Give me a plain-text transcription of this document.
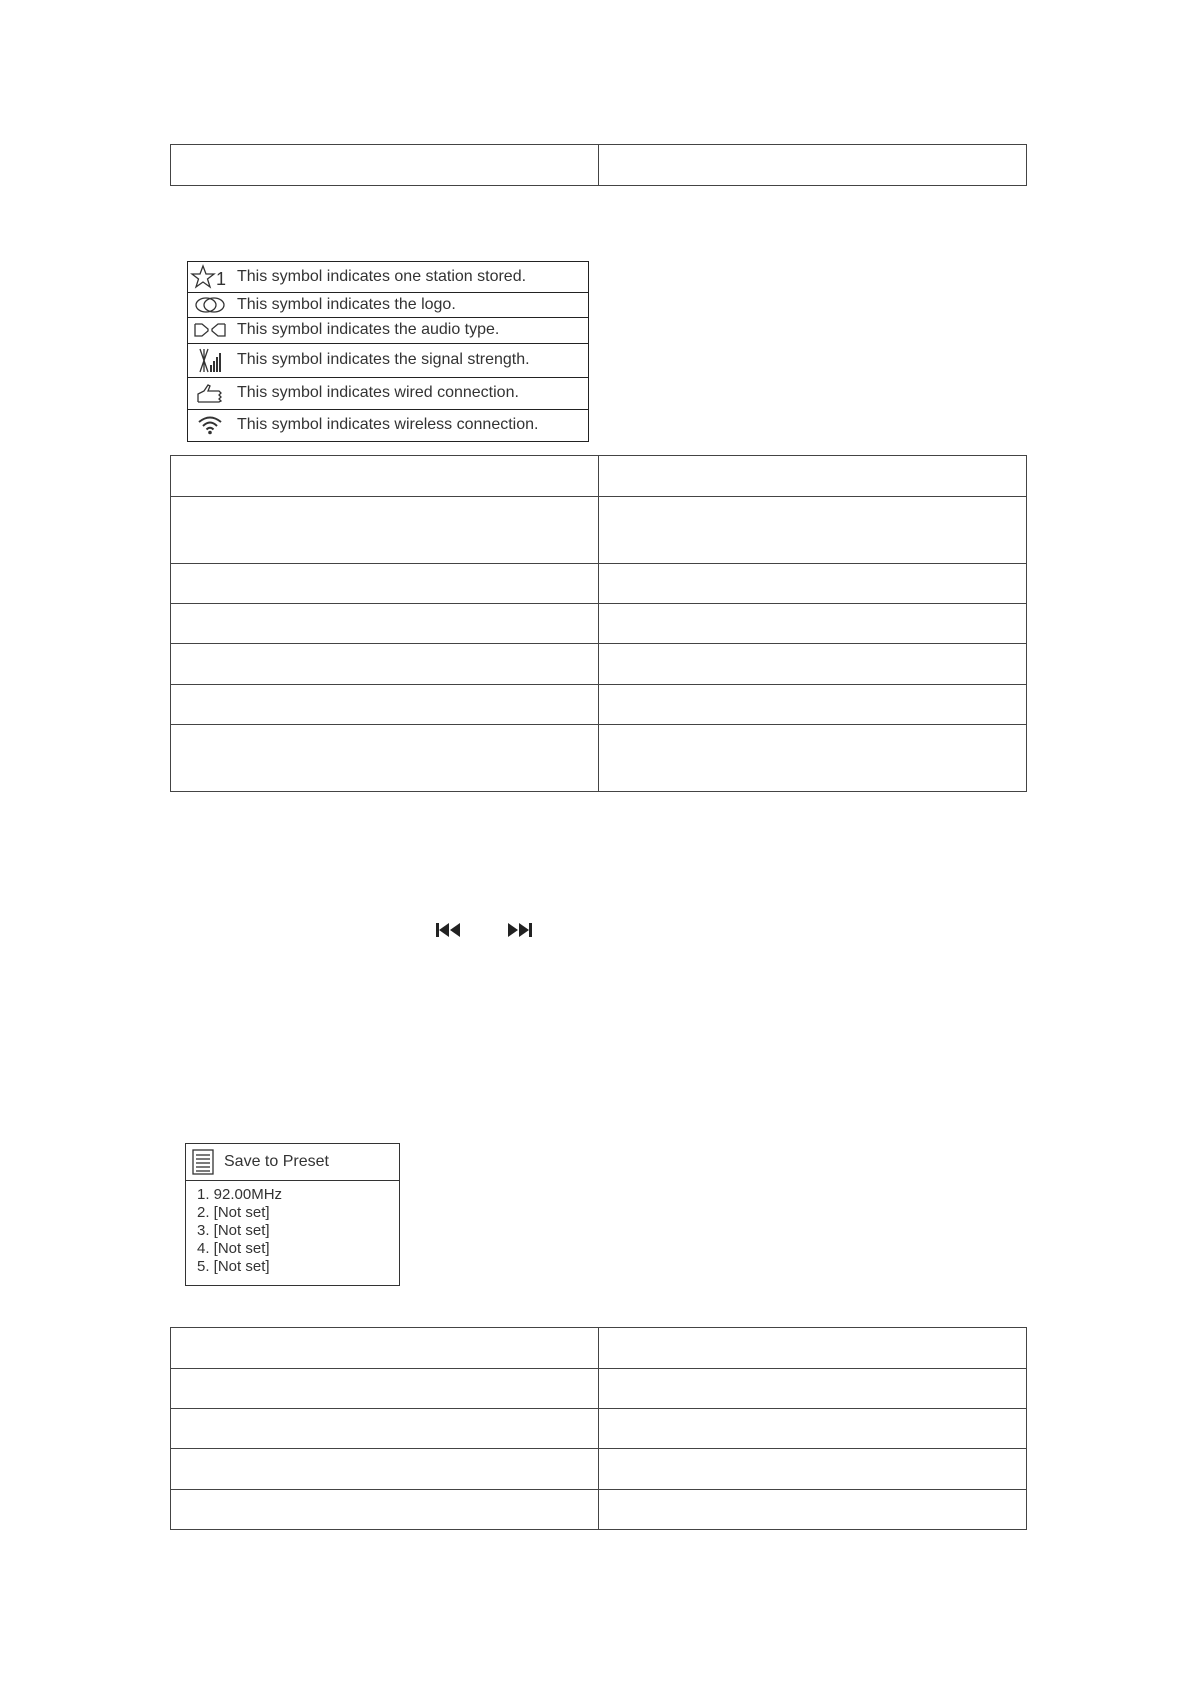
1 This symbol indicates one station stored.
This symbol indicates the logo.
This symbol indicates the audio type.
This symbol indicates the signal strength.
This symbol indicates wired connection.
This symbol indicates wireless connection.

Save to Preset
1. 92.00MHz
2. [Not set]
3. [Not set]
4. [Not set]
5. [Not set]
